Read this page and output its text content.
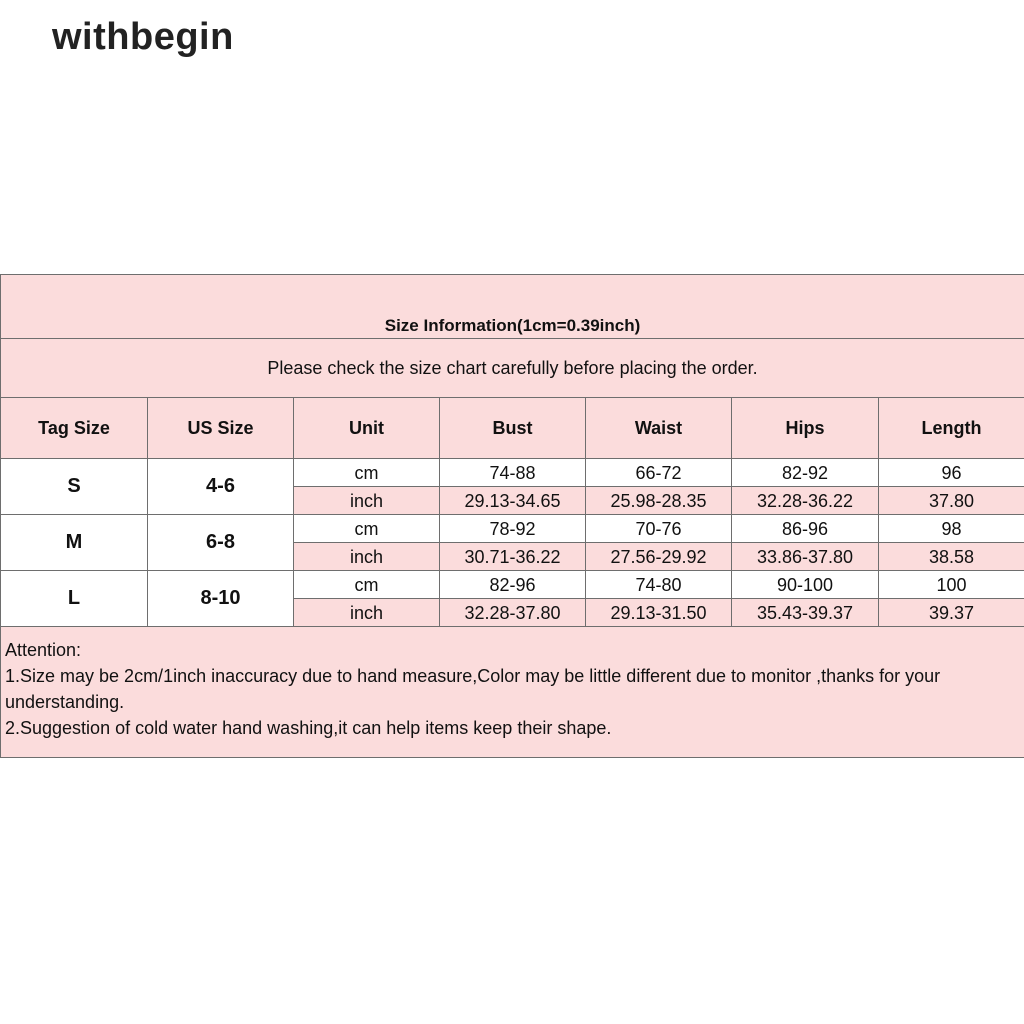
withbegin
Size Information(1cm=0.39inch)						
Please check the size chart carefully before placing the order.						
Tag Size	US Size	Unit	Bust	Waist	Hips	Length
S	4-6	cm	74-88	66-72	82-92	96
		inch	29.13-34.65	25.98-28.35	32.28-36.22	37.80
M	6-8	cm	78-92	70-76	86-96	98
		inch	30.71-36.22	27.56-29.92	33.86-37.80	38.58
L	8-10	cm	82-96	74-80	90-100	100
		inch	32.28-37.80	29.13-31.50	35.43-39.37	39.37

Attention:
1.Size may be 2cm/1inch inaccuracy due to hand measure,Color may be little different due to monitor ,thanks for your understanding.
2.Suggestion of cold water hand washing,it can help items keep their shape.						
